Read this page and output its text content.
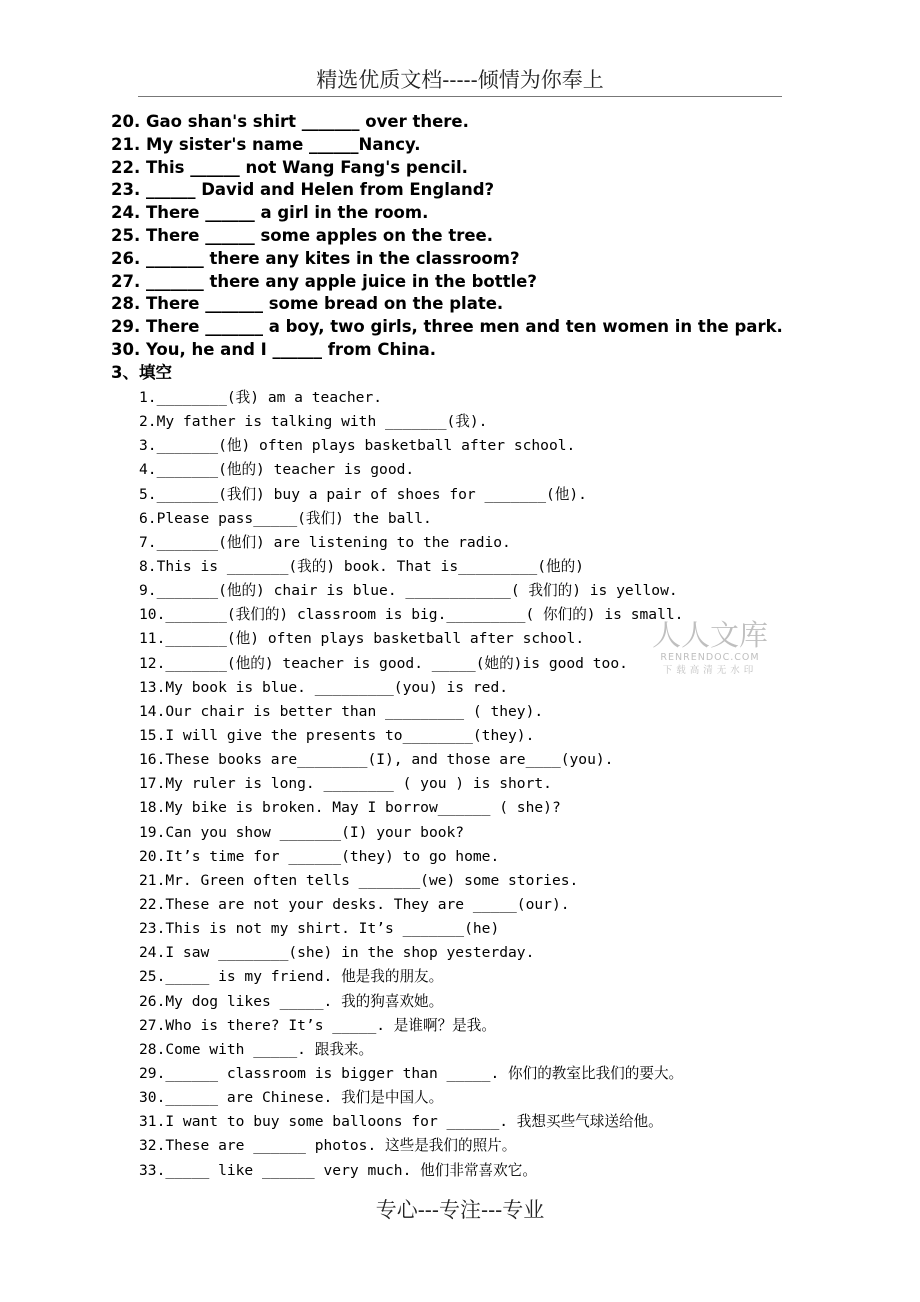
精选优质文档-----倾情为你奉上
20. Gao shan's shirt _______ over there.
21. My sister's name ______Nancy.
22. This ______ not Wang Fang's pencil.
23. ______ David and Helen from England?
24. There ______ a girl in the room.
25. There ______ some apples on the tree.
26. _______ there any kites in the classroom?
27. _______ there any apple juice in the bottle?
28. There _______ some bread on the plate.
29. There _______ a boy, two girls, three men and ten women in the park.
30. You, he and I ______ from China.
3、填空
1.________(我) am a teacher.
2.My father is talking with _______(我).
3._______(他) often plays basketball after school.
4._______(他的) teacher is good.
5._______(我们) buy a pair of shoes for _______(他).
6.Please pass_____(我们) the ball.
7._______(他们) are listening to the radio.
8.This is _______(我的) book. That is_________(他的)
9._______(他的) chair is blue. ____________( 我们的) is yellow.
10._______(我们的) classroom is big._________( 你们的) is small.
11._______(他) often plays basketball after school.
12._______(他的) teacher is good. _____(她的)is good too.
13.My book is blue. _________(you) is red.
14.Our chair is better than _________ ( they).
15.I will give the presents to________(they).
16.These books are________(I), and those are____(you).
17.My ruler is long. ________ ( you ) is short.
18.My bike is broken. May I borrow______ ( she)?
19.Can you show _______(I) your book?
20.It’s time for ______(they) to go home.
21.Mr. Green often tells _______(we) some stories.
22.These are not your desks. They are _____(our).
23.This is not my shirt. It’s _______(he)
24.I saw ________(she) in the shop yesterday.
25._____ is my friend. 他是我的朋友。
26.My dog likes _____. 我的狗喜欢她。
27.Who is there? It’s _____. 是谁啊？是我。
28.Come with _____. 跟我来。
29.______ classroom is bigger than _____. 你们的教室比我们的要大。
30.______ are Chinese. 我们是中国人。
31.I want to buy some balloons for ______. 我想买些气球送给他。
32.These are ______ photos. 这些是我们的照片。
33._____ like ______ very much. 他们非常喜欢它。
人人文库
RENRENDOC.COM
下载高清无水印
专心---专注---专业
